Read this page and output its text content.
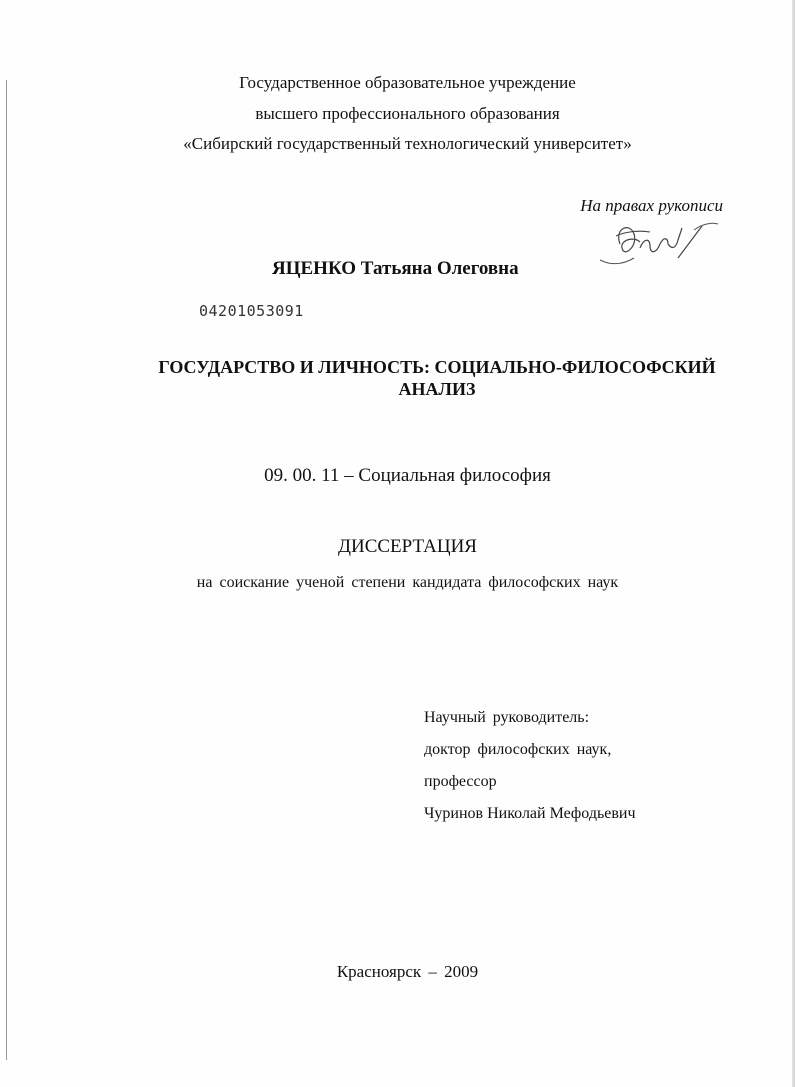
Государственное образовательное учреждение
высшего профессионального образования
«Сибирский государственный технологический университет»
На правах рукописи
ЯЦЕНКО Татьяна Олеговна
04201053091
ГОСУДАРСТВО И ЛИЧНОСТЬ: СОЦИАЛЬНО-ФИЛОСОФСКИЙ
АНАЛИЗ
09. 00. 11 – Социальная философия
ДИССЕРТАЦИЯ
на соискание ученой степени кандидата философских наук
Научный руководитель:
доктор философских наук,
профессор
Чуринов Николай Мефодьевич
Красноярск – 2009
